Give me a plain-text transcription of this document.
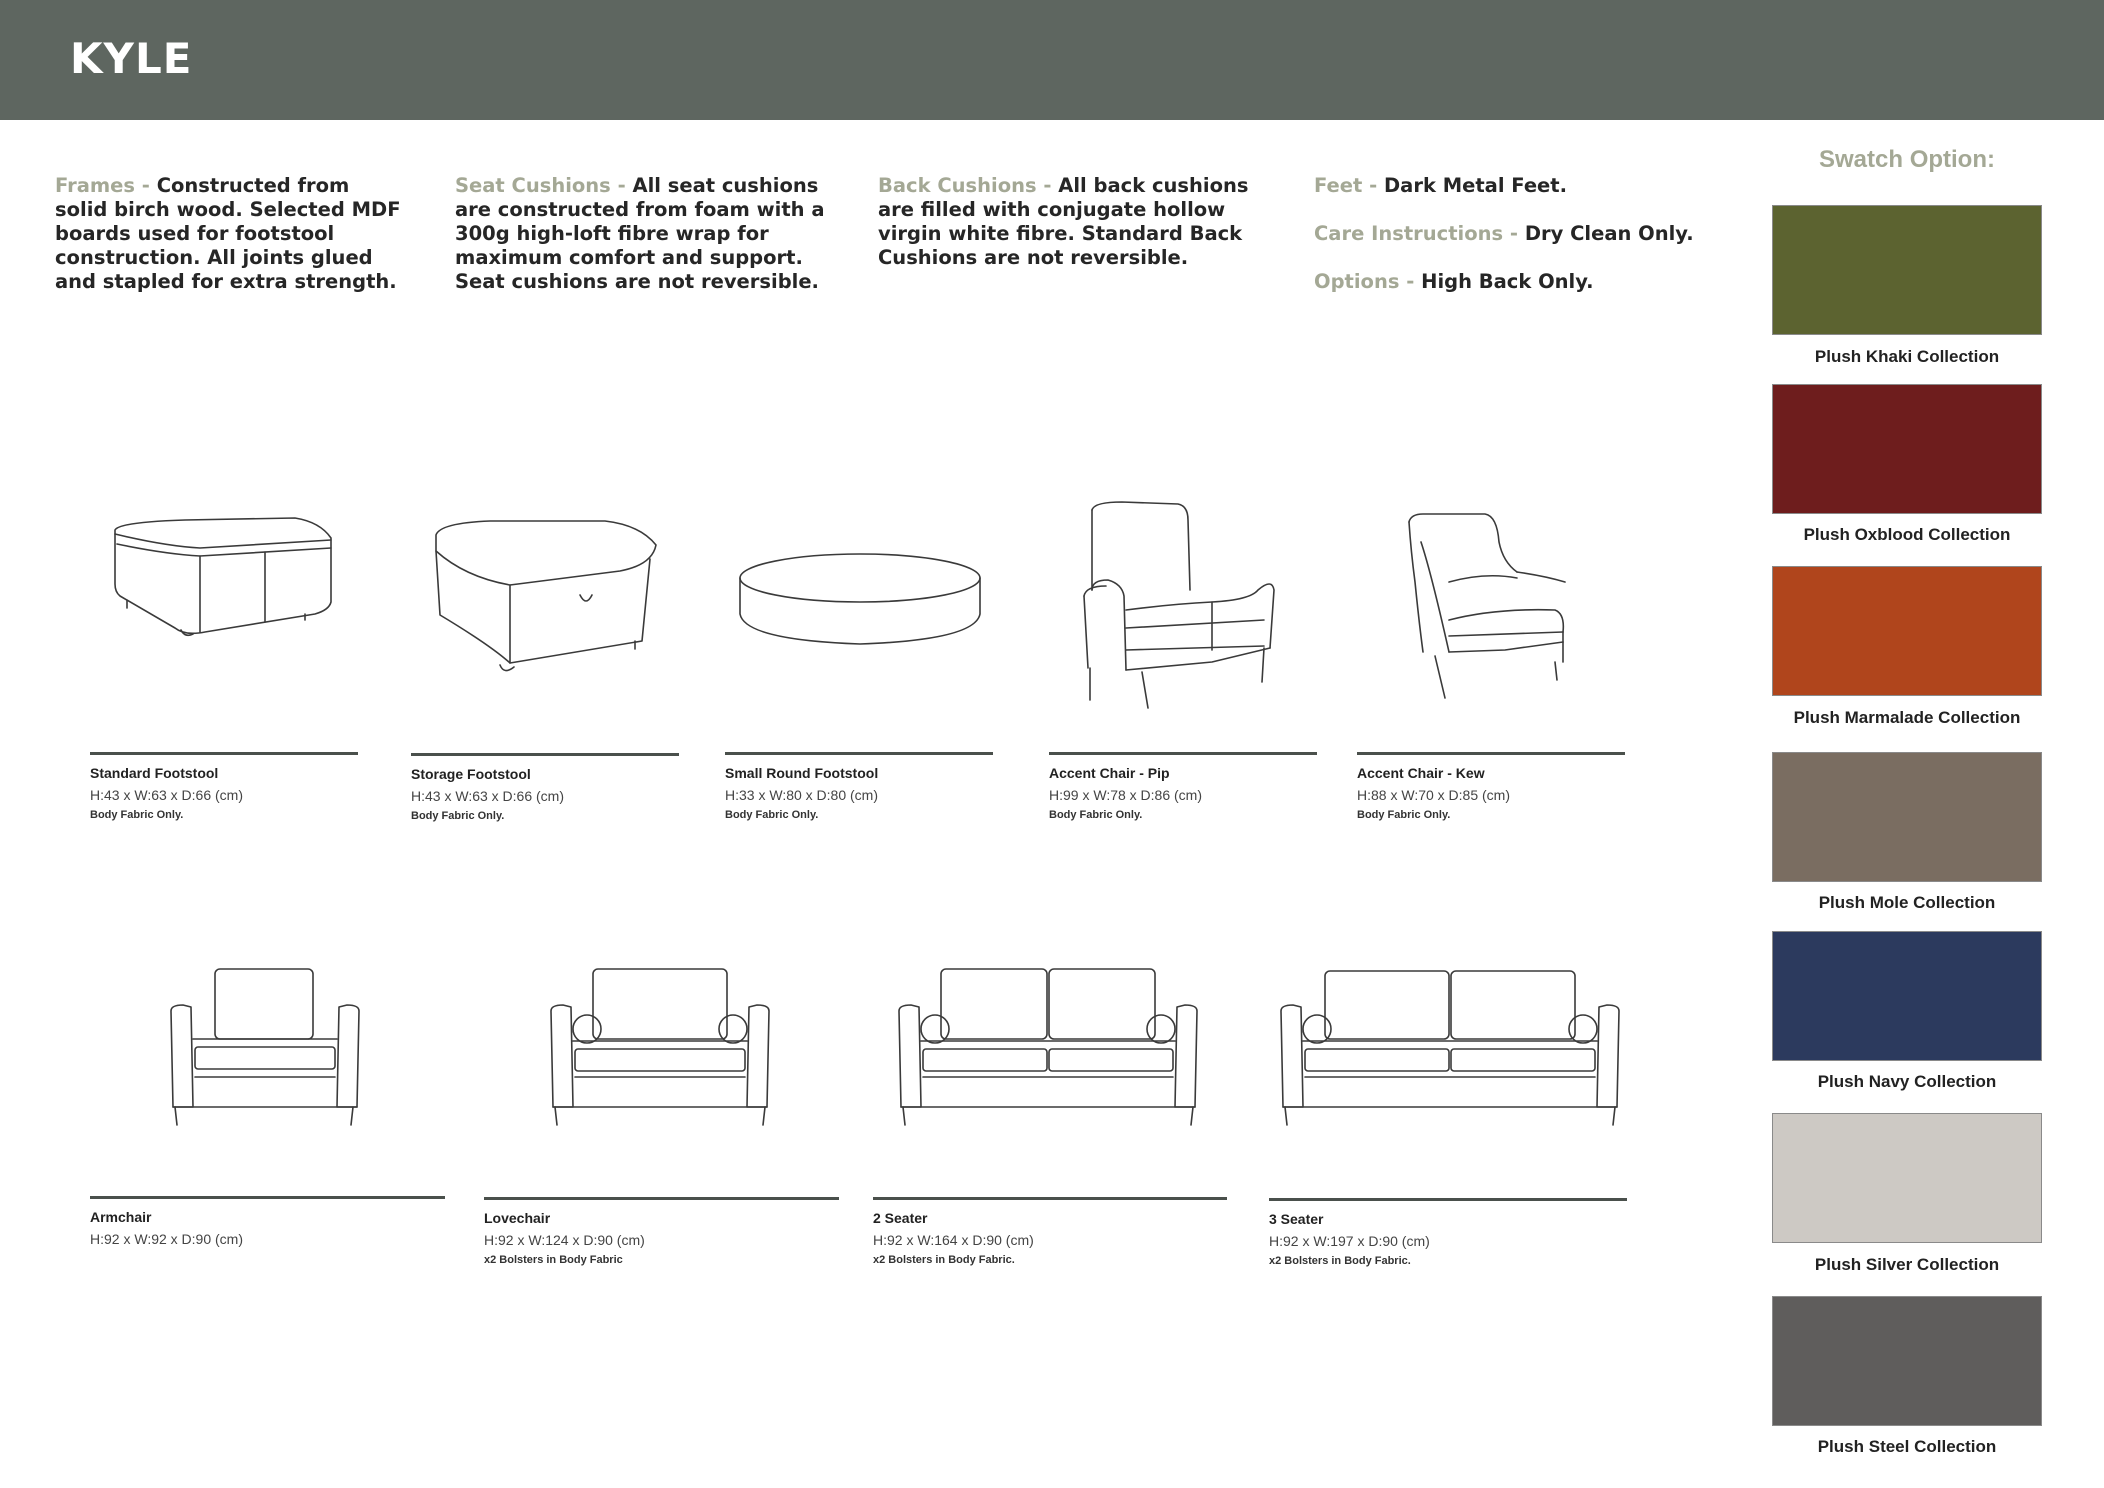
KYLE
Frames - Constructed from solid birch wood. Selected MDF boards used for footstool construction. All joints glued and stapled for extra strength.
Seat Cushions - All seat cushions are constructed from foam with a 300g high-loft fibre wrap for maximum comfort and support. Seat cushions are not reversible.
Back Cushions - All back cushions are filled with conjugate hollow virgin white fibre. Standard Back Cushions are not reversible.

Feet - Dark Metal Feet.

Care Instructions - Dry Clean Only.

Options - High Back Only.

Swatch Option:
Plush Khaki Collection
Plush Oxblood Collection
Plush Marmalade Collection
Plush Mole Collection
Plush Navy Collection
Plush Silver Collection
Plush Steel Collection
Standard Footstool
H:43 x W:63 x D:66 (cm)
Body Fabric Only.
Storage Footstool
H:43 x W:63 x D:66 (cm)
Body Fabric Only.
Small Round Footstool
H:33 x W:80 x D:80 (cm)
Body Fabric Only.
Accent Chair - Pip
H:99 x W:78 x D:86 (cm)
Body Fabric Only.
Accent Chair - Kew
H:88 x W:70 x D:85 (cm)
Body Fabric Only.
Armchair
H:92 x W:92 x D:90 (cm)
Lovechair
H:92 x W:124 x D:90 (cm)
x2 Bolsters in Body Fabric
2 Seater
H:92 x W:164 x D:90 (cm)
x2 Bolsters in Body Fabric.
3 Seater
H:92 x W:197 x D:90 (cm)
x2 Bolsters in Body Fabric.
